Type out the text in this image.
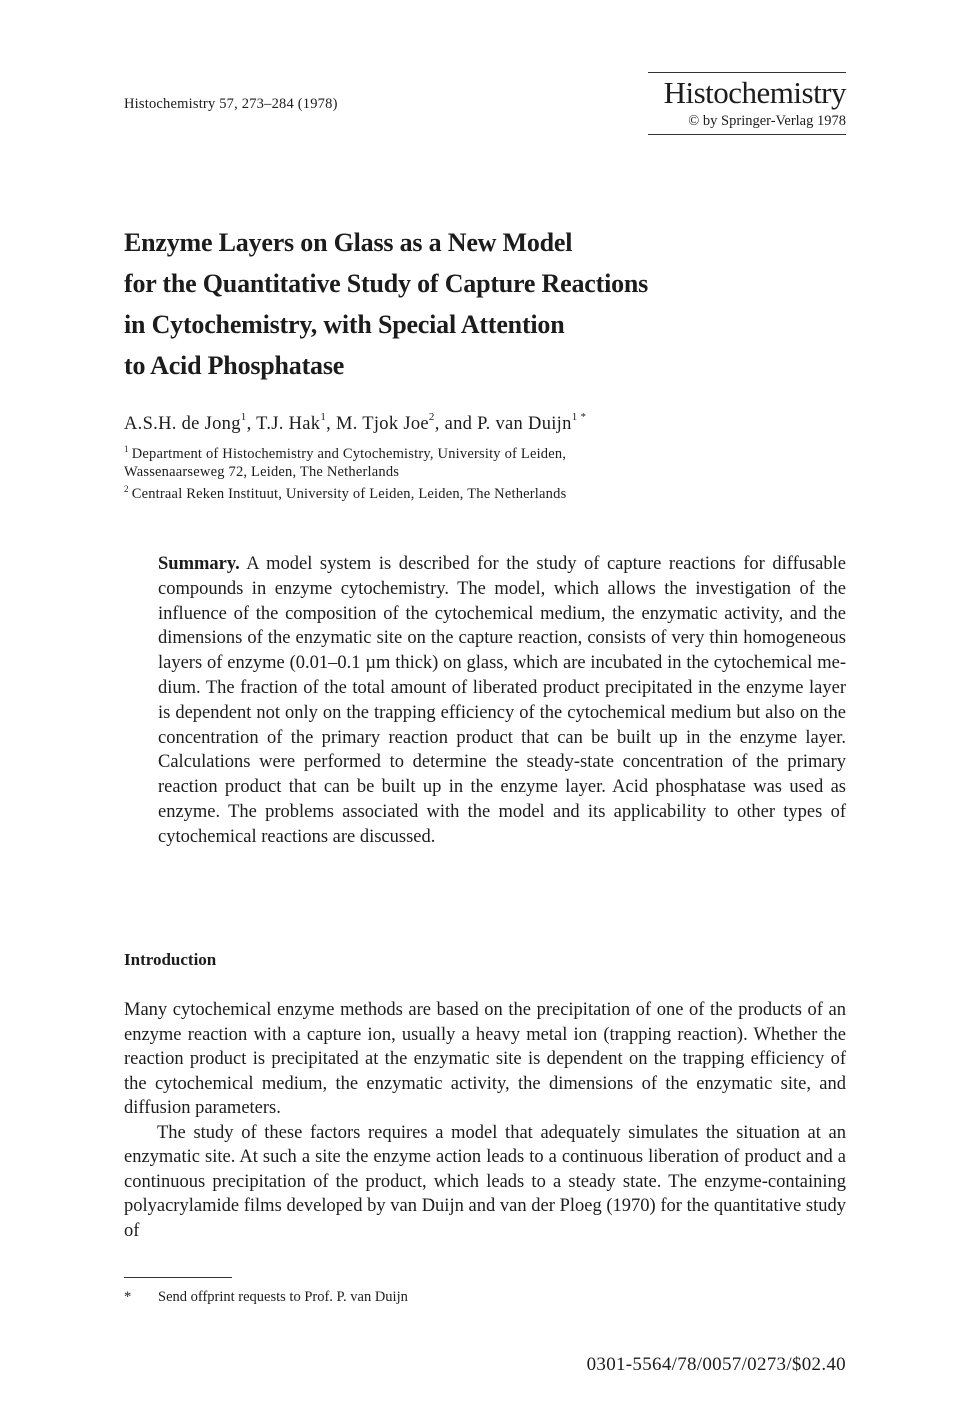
Histochemistry 57, 273–284 (1978)	Histochemistry
© by Springer-Verlag 1978
Enzyme Layers on Glass as a New Model
for the Quantitative Study of Capture Reactions
in Cytochemistry, with Special Attention
to Acid Phosphatase
A.S.H. de Jong$^1$, T.J. Hak$^1$, M. Tjok Joe$^2$, and P. van Duijn$^{1 *}$
$^1$ Department of Histochemistry and Cytochemistry, University of Leiden,
Wassenaarseweg 72, Leiden, The Netherlands
$^2$ Centraal Reken Instituut, University of Leiden, Leiden, The Netherlands
Summary. A model system is described for the study of capture reactions for diffusable compounds in enzyme cytochemistry. The model, which allows the investigation of the influence of the composition of the cytochemical medium, the enzymatic activity, and the dimensions of the enzymatic site on the capture reaction, consists of very thin homogeneous layers of enzyme (0.01–0.1 µm thick) on glass, which are incubated in the cytochemical medium. The fraction of the total amount of liberated product precipitated in the enzyme layer is dependent not only on the trapping efficiency of the cytochemical medium but also on the concentration of the primary reaction product that can be built up in the enzyme layer. Calculations were performed to determine the steady-state concentration of the primary reaction product that can be built up in the enzyme layer. Acid phosphatase was used as enzyme. The problems associated with the model and its applicability to other types of cytochemical reactions are discussed.
Introduction

Many cytochemical enzyme methods are based on the precipitation of one of the products of an enzyme reaction with a capture ion, usually a heavy metal ion (trapping reaction). Whether the reaction product is precipitated at the enzymatic site is dependent on the trapping efficiency of the cytochemical medium, the enzymatic activity, the dimensions of the enzymatic site, and diffusion parameters.

The study of these factors requires a model that adequately simulates the situation at an enzymatic site. At such a site the enzyme action leads to a continuous liberation of product and a continuous precipitation of the product, which leads to a steady state. The enzyme-containing polyacrylamide films developed by van Duijn and van der Ploeg (1970) for the quantitative study of

* Send offprint requests to Prof. P. van Duijn
0301-5564/78/0057/0273/$02.40
